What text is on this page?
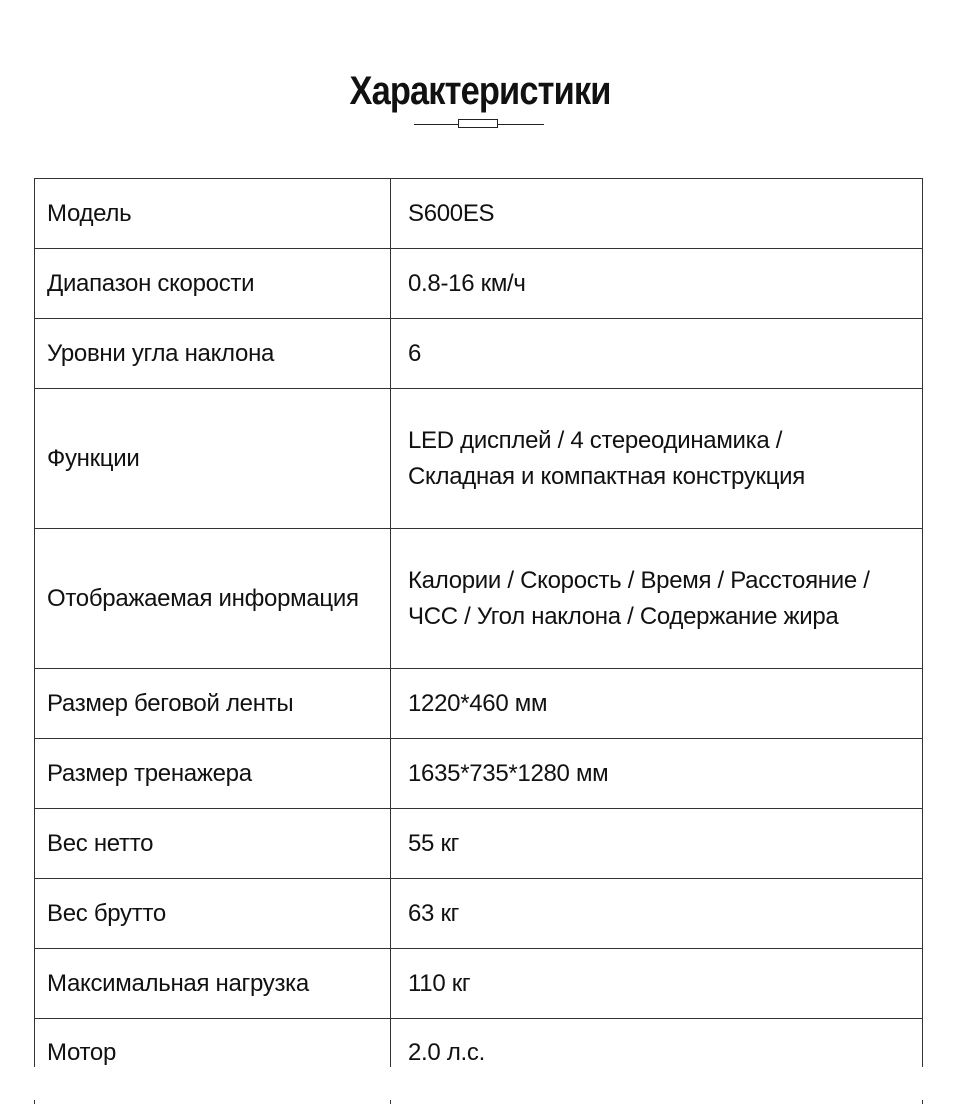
Характеристики
Модель	S600ES
Диапазон скорости	0.8-16 км/ч
Уровни угла наклона	6
Функции	LED дисплей / 4 стереодинамика /
Складная и компактная конструкция

Отображаемая информация	Калории / Скорость / Время / Расстояние /
ЧСС / Угол наклона / Содержание жира

Размер беговой ленты	1220*460 мм
Размер тренажера	1635*735*1280 мм
Вес нетто	55 кг
Вес брутто	63 кг
Максимальная нагрузка	110 кг
Мотор	2.0 л.с.
